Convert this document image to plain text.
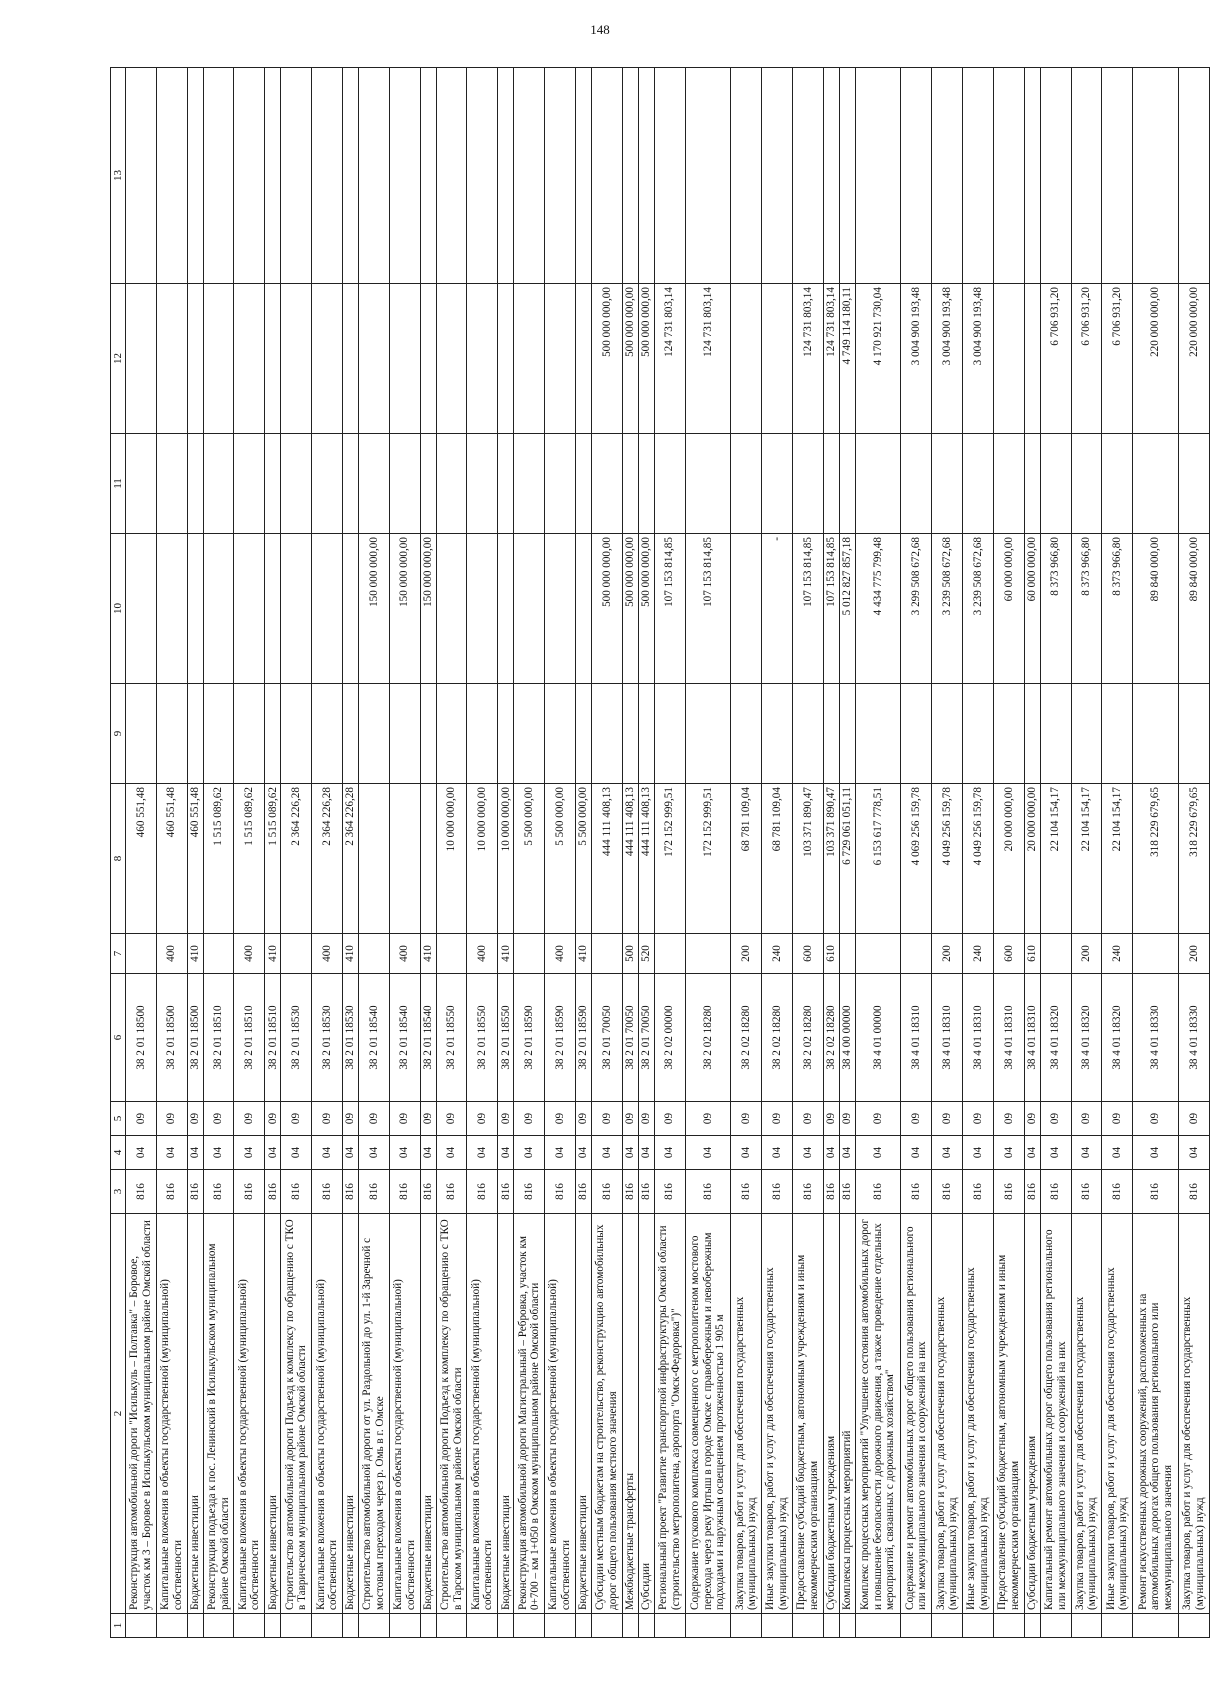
148
1	2	3	4	5	6	7	8	9	10	11	12	13
	Реконструкция автомобильной дороги "Исилькуль – Полтавка" – Боровое, участок км 3 – Боровое в Исилькульском муниципальном районе Омской области	816	04	09	38 2 01 18500		460 551,48					
	Капитальные вложения в объекты государственной (муниципальной) собственности	816	04	09	38 2 01 18500	400	460 551,48					
	Бюджетные инвестиции	816	04	09	38 2 01 18500	410	460 551,48					
	Реконструкция подъезда к пос. Ленинский в Исилькульском муниципальном районе Омской области	816	04	09	38 2 01 18510		1 515 089,62					
	Капитальные вложения в объекты государственной (муниципальной) собственности	816	04	09	38 2 01 18510	400	1 515 089,62					
	Бюджетные инвестиции	816	04	09	38 2 01 18510	410	1 515 089,62					
	Строительство автомобильной дороги Подъезд к комплексу по обращению с ТКО в Таврическом муниципальном районе Омской области	816	04	09	38 2 01 18530		2 364 226,28					
	Капитальные вложения в объекты государственной (муниципальной) собственности	816	04	09	38 2 01 18530	400	2 364 226,28					
	Бюджетные инвестиции	816	04	09	38 2 01 18530	410	2 364 226,28					
	Строительство автомобильной дороги от ул. Раздольной до ул. 1-й Заречной с мостовым переходом через р. Омь в г. Омске	816	04	09	38 2 01 18540				150 000 000,00			
	Капитальные вложения в объекты государственной (муниципальной) собственности	816	04	09	38 2 01 18540	400			150 000 000,00			
	Бюджетные инвестиции	816	04	09	38 2 01 18540	410			150 000 000,00			
	Строительство автомобильной дороги Подъезд к комплексу по обращению с ТКО в Тарском муниципальном районе Омской области	816	04	09	38 2 01 18550		10 000 000,00					
	Капитальные вложения в объекты государственной (муниципальной) собственности	816	04	09	38 2 01 18550	400	10 000 000,00					
	Бюджетные инвестиции	816	04	09	38 2 01 18550	410	10 000 000,00					
	Реконструкция автомобильной дороги Магистральный – Ребровка, участок км 0+700 – км 1+050 в Омском муниципальном районе Омской области	816	04	09	38 2 01 18590		5 500 000,00					
	Капитальные вложения в объекты государственной (муниципальной) собственности	816	04	09	38 2 01 18590	400	5 500 000,00					
	Бюджетные инвестиции	816	04	09	38 2 01 18590	410	5 500 000,00					
	Субсидии местным бюджетам на строительство, реконструкцию автомобильных дорог общего пользования местного значения	816	04	09	38 2 01 70050		444 111 408,13		500 000 000,00		500 000 000,00	
	Межбюджетные трансферты	816	04	09	38 2 01 70050	500	444 111 408,13		500 000 000,00		500 000 000,00	
	Субсидии	816	04	09	38 2 01 70050	520	444 111 408,13		500 000 000,00		500 000 000,00	
	Региональный проект "Развитие транспортной инфраструктуры Омской области (строительство метрополитена, аэропорта "Омск-Федоровка")"	816	04	09	38 2 02 00000		172 152 999,51		107 153 814,85		124 731 803,14	
	Содержание пускового комплекса совмещенного с метрополитеном мостового перехода через реку Иртыш в городе Омске с правобережным и левобережным подходами и наружным освещением протяженностью 1 905 м	816	04	09	38 2 02 18280		172 152 999,51		107 153 814,85		124 731 803,14	
	Закупка товаров, работ и услуг для обеспечения государственных (муниципальных) нужд	816	04	09	38 2 02 18280	200	68 781 109,04					
	Иные закупки товаров, работ и услуг для обеспечения государственных (муниципальных) нужд	816	04	09	38 2 02 18280	240	68 781 109,04		-			
	Предоставление субсидий бюджетным, автономным учреждениям и иным некоммерческим организациям	816	04	09	38 2 02 18280	600	103 371 890,47		107 153 814,85		124 731 803,14	
	Субсидии бюджетным учреждениям	816	04	09	38 2 02 18280	610	103 371 890,47		107 153 814,85		124 731 803,14	
	Комплексы процессных мероприятий	816	04	09	38 4 00 00000		6 729 061 051,11		5 012 827 857,18		4 749 114 180,11	
	Комплекс процессных мероприятий "Улучшение состояния автомобильных дорог и повышение безопасности дорожного движения, а также проведение отдельных мероприятий, связанных с дорожным хозяйством"	816	04	09	38 4 01 00000		6 153 617 778,51		4 434 775 799,48		4 170 921 730,04	
	Содержание и ремонт автомобильных дорог общего пользования регионального или межмуниципального значения и сооружений на них	816	04	09	38 4 01 18310		4 069 256 159,78		3 299 508 672,68		3 004 900 193,48	
	Закупка товаров, работ и услуг для обеспечения государственных (муниципальных) нужд	816	04	09	38 4 01 18310	200	4 049 256 159,78		3 239 508 672,68		3 004 900 193,48	
	Иные закупки товаров, работ и услуг для обеспечения государственных (муниципальных) нужд	816	04	09	38 4 01 18310	240	4 049 256 159,78		3 239 508 672,68		3 004 900 193,48	
	Предоставление субсидий бюджетным, автономным учреждениям и иным некоммерческим организациям	816	04	09	38 4 01 18310	600	20 000 000,00		60 000 000,00			
	Субсидии бюджетным учреждениям	816	04	09	38 4 01 18310	610	20 000 000,00		60 000 000,00			
	Капитальный ремонт автомобильных дорог общего пользования регионального или межмуниципального значения и сооружений на них	816	04	09	38 4 01 18320		22 104 154,17		8 373 966,80		6 706 931,20	
	Закупка товаров, работ и услуг для обеспечения государственных (муниципальных) нужд	816	04	09	38 4 01 18320	200	22 104 154,17		8 373 966,80		6 706 931,20	
	Иные закупки товаров, работ и услуг для обеспечения государственных (муниципальных) нужд	816	04	09	38 4 01 18320	240	22 104 154,17		8 373 966,80		6 706 931,20	
	Ремонт искусственных дорожных сооружений, расположенных на автомобильных дорогах общего пользования регионального или межмуниципального значения	816	04	09	38 4 01 18330		318 229 679,65		89 840 000,00		220 000 000,00	
	Закупка товаров, работ и услуг для обеспечения государственных (муниципальных) нужд	816	04	09	38 4 01 18330	200	318 229 679,65		89 840 000,00		220 000 000,00	
